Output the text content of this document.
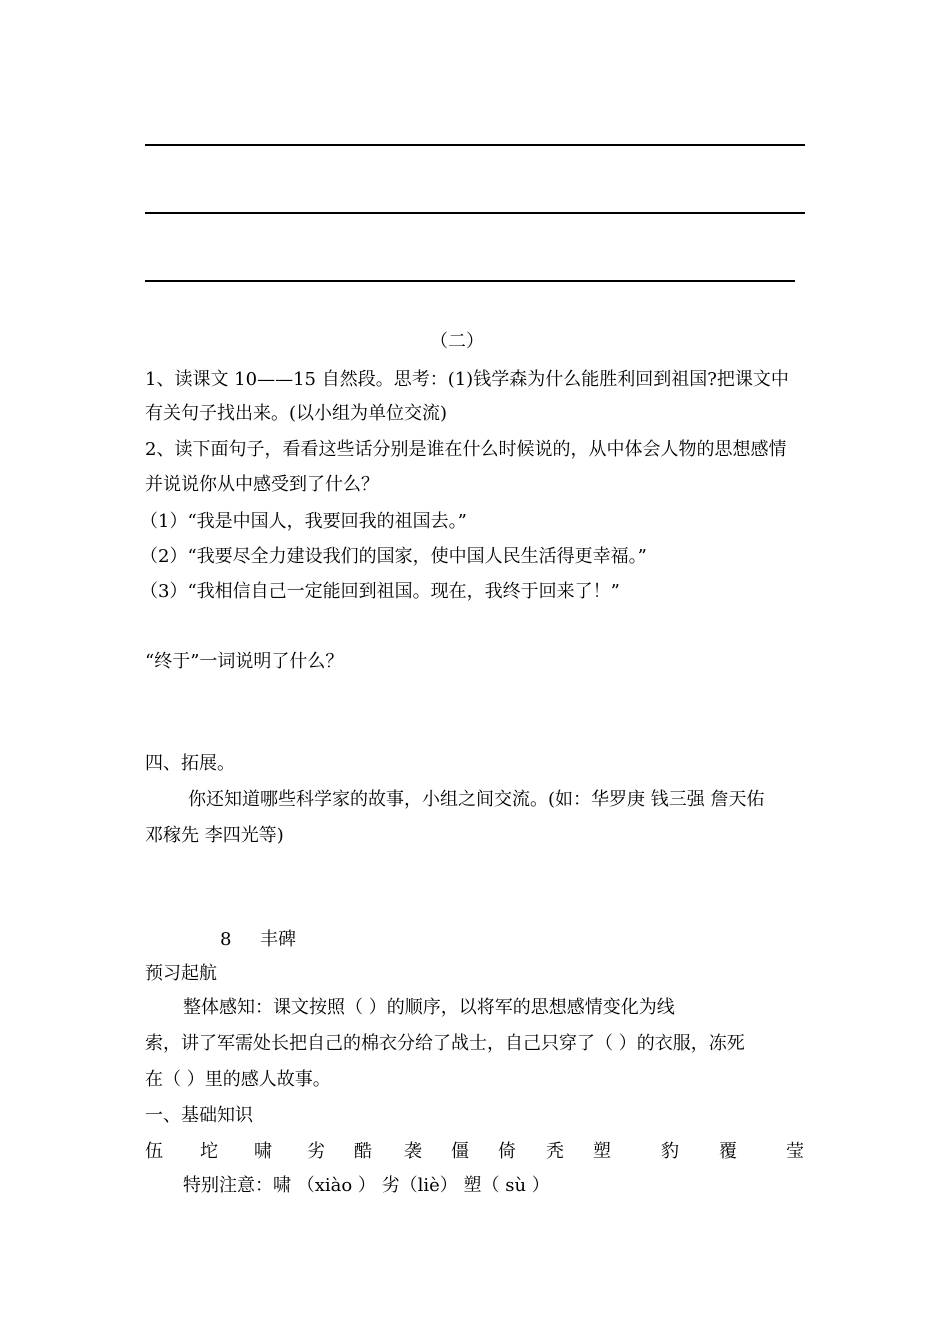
（二）
1、读课文 10——15 自然段。思考：(1)钱学森为什么能胜利回到祖国?把课文中
有关句子找出来。(以小组为单位交流)
2、读下面句子，看看这些话分别是谁在什么时候说的，从中体会人物的思想感情
并说说你从中感受到了什么？
（1）“我是中国人，我要回我的祖国去。”
（2）“我要尽全力建设我们的国家，使中国人民生活得更幸福。”
（3）“我相信自己一定能回到祖国。现在，我终于回来了！”
“终于”一词说明了什么？
四、拓展。
你还知道哪些科学家的故事，小组之间交流。(如：华罗庚 钱三强 詹天佑
邓稼先 李四光等)
8 丰碑
预习起航
整体感知：课文按照（ ）的顺序，以将军的思想感情变化为线
索，讲了军需处长把自己的棉衣分给了战士，自己只穿了（ ）的衣服，冻死
在（ ）里的感人故事。
一、基础知识
伍 坨 啸 劣 酷 袭 僵 倚 秃 塑	豹 覆	莹
特别注意：啸 （xiào ） 劣（liè） 塑（ sù ）
